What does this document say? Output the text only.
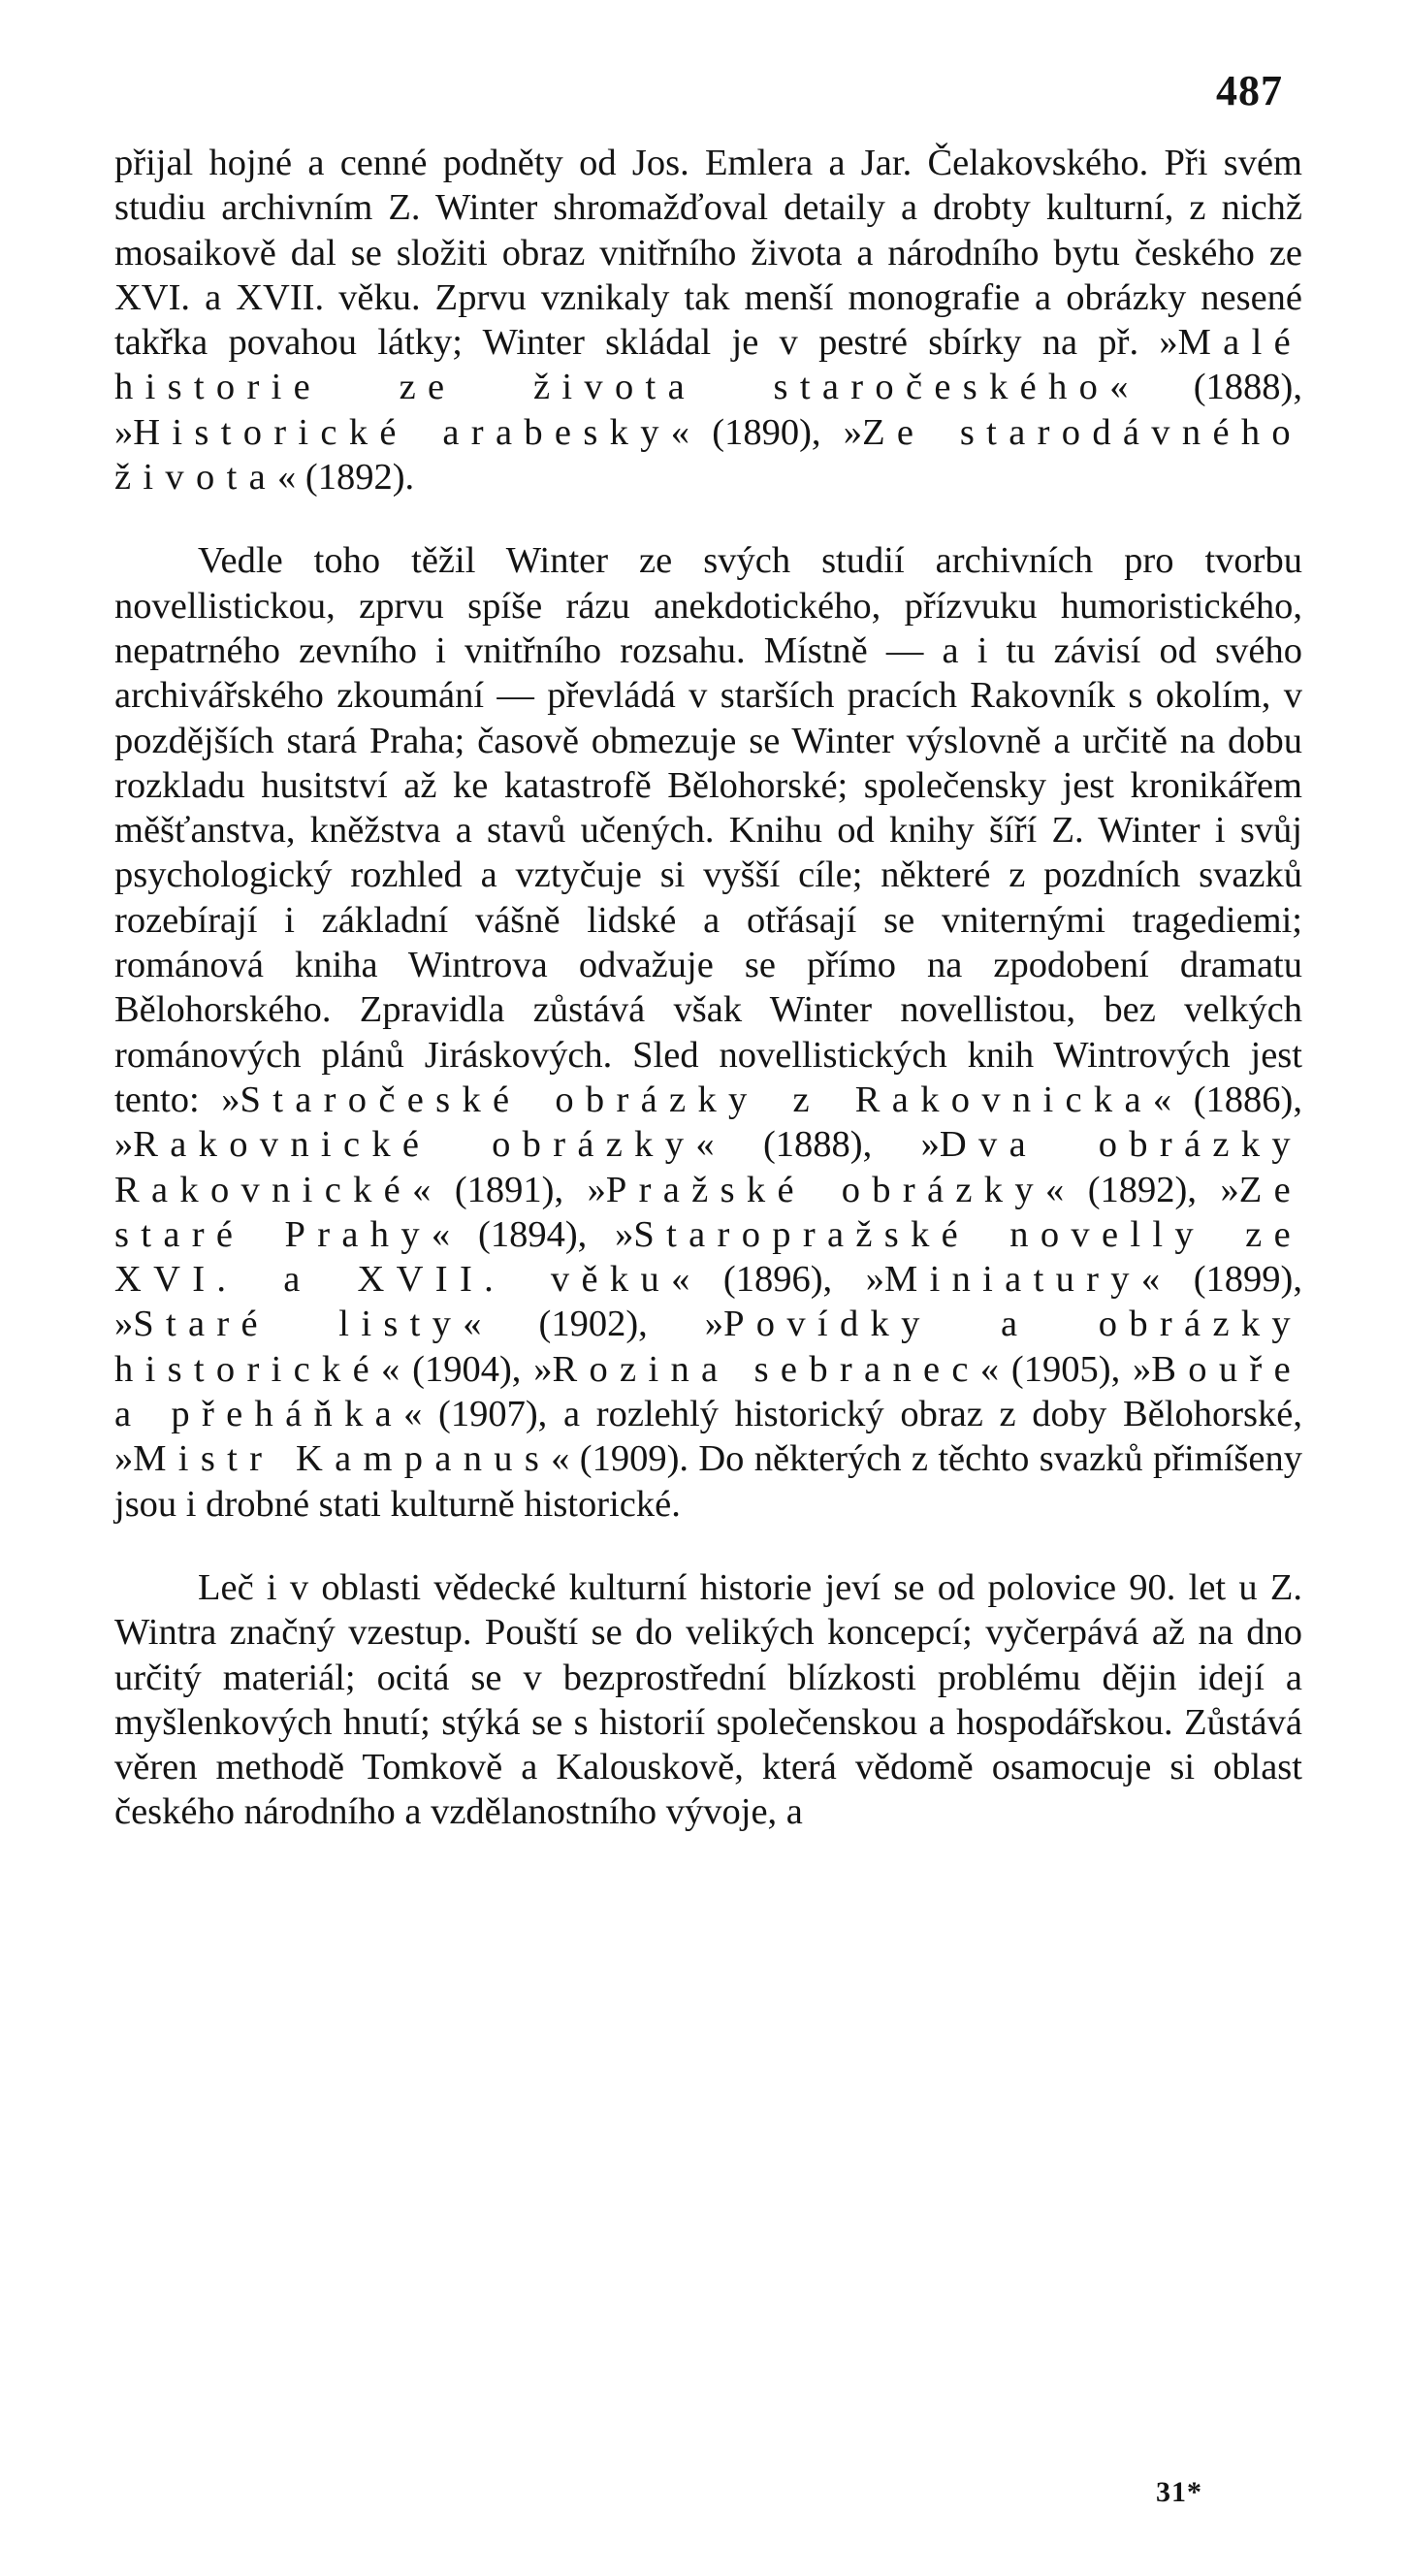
487

přijal hojné a cenné podněty od Jos. Emlera a Jar. Čelakovského. Při svém studiu archivním Z. Winter shromažďoval detaily a drobty kulturní, z nichž mosaikově dal se složiti obraz vnitřního života a národního bytu českého ze XVI. a XVII. věku. Zprvu vznikaly tak menší monografie a obrázky nesené takřka povahou látky; Winter skládal je v pestré sbírky na př. »Malé historie ze života staročeského« (1888), »Historické arabesky« (1890), »Ze starodávného života« (1892).

Vedle toho těžil Winter ze svých studií archivních pro tvorbu novellistickou, zprvu spíše rázu anekdotického, přízvuku humoristického, nepatrného zevního i vnitřního rozsahu. Místně — a i tu závisí od svého archivářského zkoumání — převládá v starších pracích Rakovník s okolím, v pozdějších stará Praha; časově obmezuje se Winter výslovně a určitě na dobu rozkladu husitství až ke katastrofě Bělohorské; společensky jest kronikářem měšťanstva, kněžstva a stavů učených. Knihu od knihy šíří Z. Winter i svůj psychologický rozhled a vztyčuje si vyšší cíle; některé z pozdních svazků rozebírají i základní vášně lidské a otřásají se vniternými tragediemi; románová kniha Wintrova odvažuje se přímo na zpodobení dramatu Bělohorského. Zpravidla zůstává však Winter novellistou, bez velkých románových plánů Jiráskových. Sled novellistických knih Wintrových jest tento: »Staročeské obrázky z Rakovnicka« (1886), »Rakovnické obrázky« (1888), »Dva obrázky Rakovnické« (1891), »Pražské obrázky« (1892), »Ze staré Prahy« (1894), »Staropražské novelly ze XVI. a XVII. věku« (1896), »Miniatury« (1899), »Staré listy« (1902), »Povídky a obrázky historické« (1904), »Rozina sebranec« (1905), »Bouře a přeháňka« (1907), a rozlehlý historický obraz z doby Bělohorské, »Mistr Kampanus« (1909). Do některých z těchto svazků přimíšeny jsou i drobné stati kulturně historické.

Leč i v oblasti vědecké kulturní historie jeví se od polovice 90. let u Z. Wintra značný vzestup. Pouští se do velikých koncepcí; vyčerpává až na dno určitý materiál; ocitá se v bezprostřední blízkosti problému dějin idejí a myšlenkových hnutí; stýká se s historií společenskou a hospodářskou. Zůstává věren methodě Tomkově a Kalouskově, která vědomě osamocuje si oblast českého národního a vzdělanostního vývoje, a

31*
